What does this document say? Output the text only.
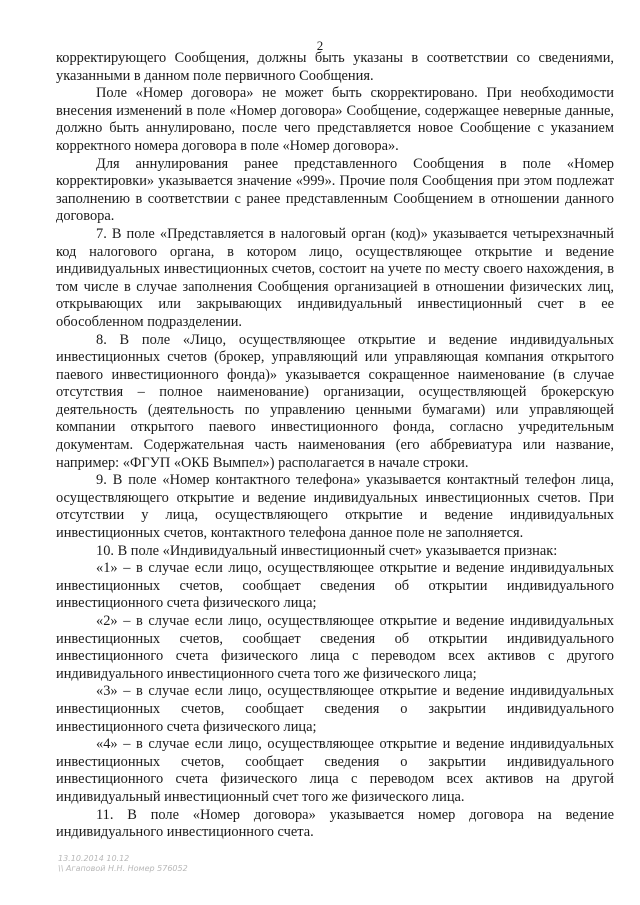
2

корректирующего Сообщения, должны быть указаны в соответствии со сведениями, указанными в данном поле первичного Сообщения.

Поле «Номер договора» не может быть скорректировано. При необходимости внесения изменений в поле «Номер договора» Сообщение, содержащее неверные данные, должно быть аннулировано, после чего представляется новое Сообщение с указанием корректного номера договора в поле «Номер договора».

Для аннулирования ранее представленного Сообщения в поле «Номер корректировки» указывается значение «999». Прочие поля Сообщения при этом подлежат заполнению в соответствии с ранее представленным Сообщением в отношении данного договора.

7. В поле «Представляется в налоговый орган (код)» указывается четырехзначный код налогового органа, в котором лицо, осуществляющее открытие и ведение индивидуальных инвестиционных счетов, состоит на учете по месту своего нахождения, в том числе в случае заполнения Сообщения организацией в отношении физических лиц, открывающих или закрывающих индивидуальный инвестиционный счет в ее обособленном подразделении.

8. В поле «Лицо, осуществляющее открытие и ведение индивидуальных инвестиционных счетов (брокер, управляющий или управляющая компания открытого паевого инвестиционного фонда)» указывается сокращенное наименование (в случае отсутствия – полное наименование) организации, осуществляющей брокерскую деятельность (деятельность по управлению ценными бумагами) или управляющей компании открытого паевого инвестиционного фонда, согласно учредительным документам. Содержательная часть наименования (его аббревиатура или название, например: «ФГУП «ОКБ Вымпел») располагается в начале строки.

9. В поле «Номер контактного телефона» указывается контактный телефон лица, осуществляющего открытие и ведение индивидуальных инвестиционных счетов. При отсутствии у лица, осуществляющего открытие и ведение индивидуальных инвестиционных счетов, контактного телефона данное поле не заполняется.

10. В поле «Индивидуальный инвестиционный счет» указывается признак:

«1» – в случае если лицо, осуществляющее открытие и ведение индивидуальных инвестиционных счетов, сообщает сведения об открытии индивидуального инвестиционного счета физического лица;

«2» – в случае если лицо, осуществляющее открытие и ведение индивидуальных инвестиционных счетов, сообщает сведения об открытии индивидуального инвестиционного счета физического лица с переводом всех активов с другого индивидуального инвестиционного счета того же физического лица;

«3» – в случае если лицо, осуществляющее открытие и ведение индивидуальных инвестиционных счетов, сообщает сведения о закрытии индивидуального инвестиционного счета физического лица;

«4» – в случае если лицо, осуществляющее открытие и ведение индивидуальных инвестиционных счетов, сообщает сведения о закрытии индивидуального инвестиционного счета физического лица с переводом всех активов на другой индивидуальный инвестиционный счет того же физического лица.

11. В поле «Номер договора» указывается номер договора на ведение индивидуального инвестиционного счета.

13.10.2014 10.12
\\ Агаповой Н.Н. Номер 576052
